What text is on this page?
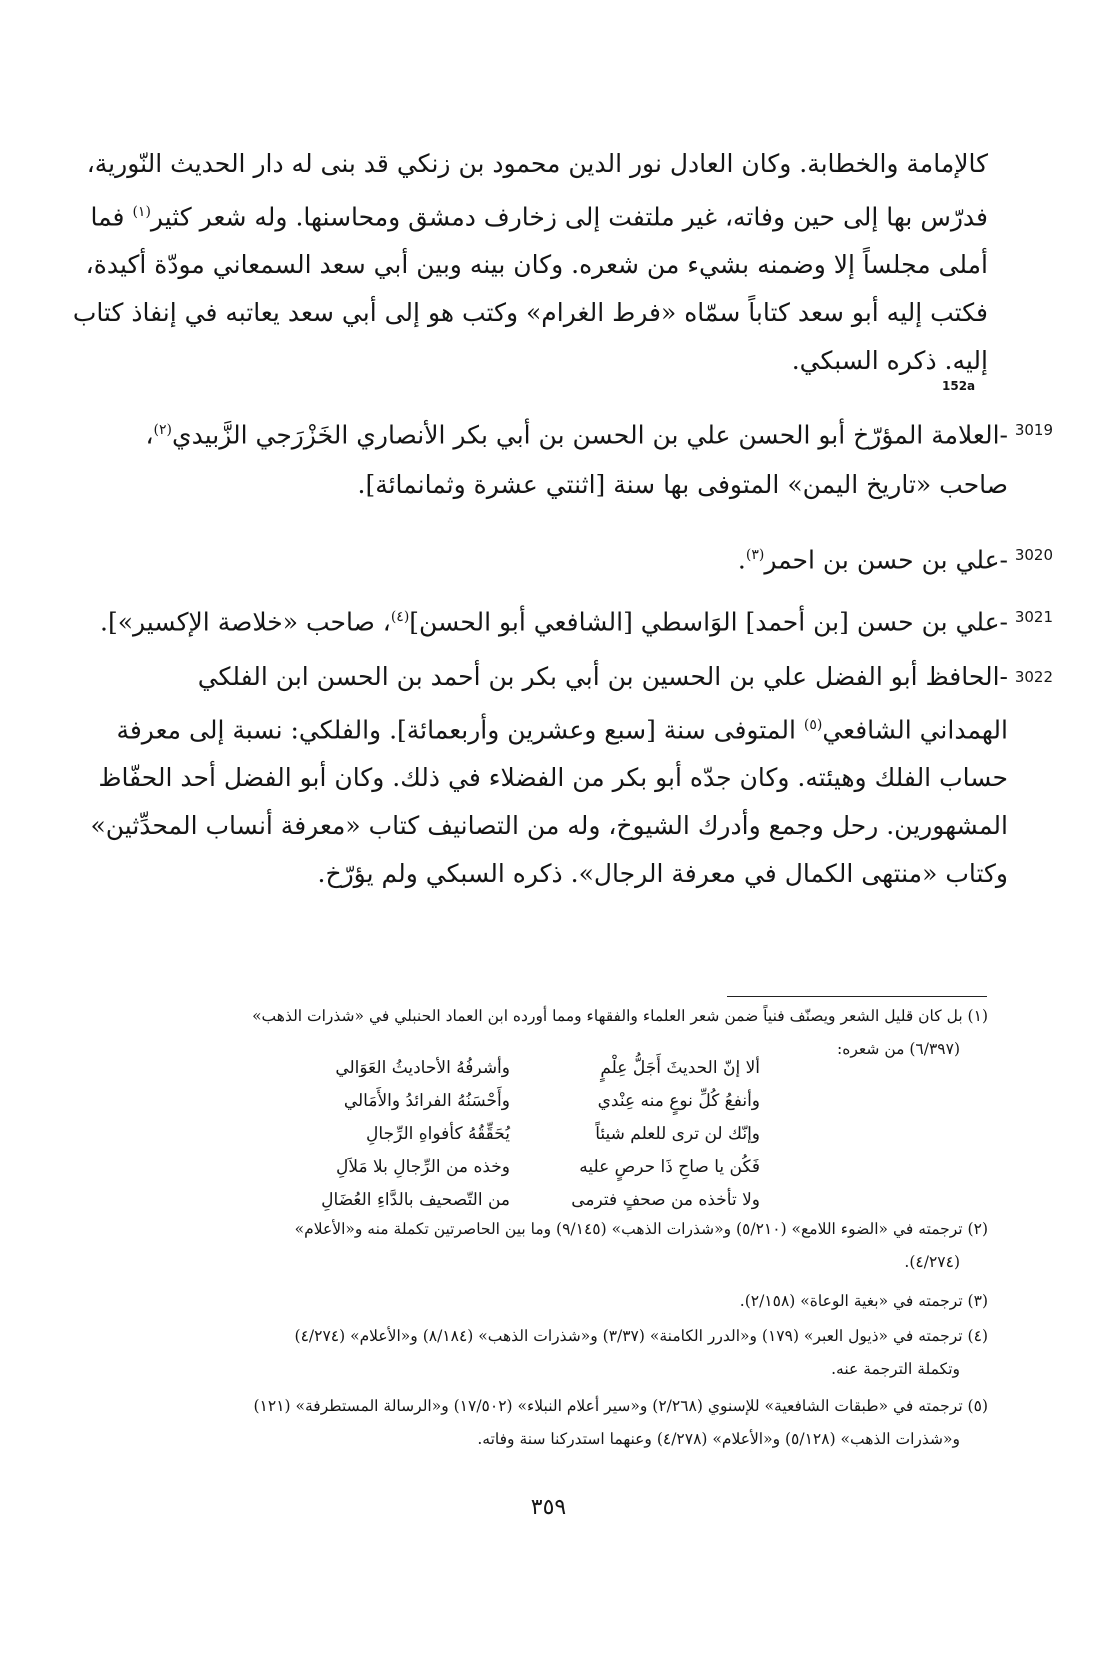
كالإمامة والخطابة. وكان العادل نور الدين محمود بن زنكي قد بنى له دار الحديث النّورية،
فدرّس بها إلى حين وفاته، غير ملتفت إلى زخارف دمشق ومحاسنها. وله شعر كثير$^{(١)}$ فما
أملى مجلساً إلا وضمنه بشيء من شعره. وكان بينه وبين أبي سعد السمعاني مودّة أكيدة،
فكتب إليه أبو سعد كتاباً سمّاه «فرط الغرام» وكتب هو إلى أبي سعد يعاتبه في إنفاذ كتاب
إليه. ذكره السبكي.
152a
3019
-العلامة المؤرّخ أبو الحسن علي بن الحسن بن أبي بكر الأنصاري الخَزْرَجي الزَّبيدي$^{(٢)}$،
صاحب «تاريخ اليمن» المتوفى بها سنة [اثنتي عشرة وثمانمائة].
3020
-علي بن حسن بن احمر$^{(٣)}$.
3021
-علي بن حسن [بن أحمد] الوَاسطي [الشافعي أبو الحسن]$^{(٤)}$، صاحب «خلاصة الإكسير»].
3022
-الحافظ أبو الفضل علي بن الحسين بن أبي بكر بن أحمد بن الحسن ابن الفلكي
الهمداني الشافعي$^{(٥)}$ المتوفى سنة [سبع وعشرين وأربعمائة]. والفلكي: نسبة إلى معرفة
حساب الفلك وهيئته. وكان جدّه أبو بكر من الفضلاء في ذلك. وكان أبو الفضل أحد الحفّاظ
المشهورين. رحل وجمع وأدرك الشيوخ، وله من التصانيف كتاب «معرفة أنساب المحدِّثين»
وكتاب «منتهى الكمال في معرفة الرجال». ذكره السبكي ولم يؤرّخ.
(١) بل كان قليل الشعر ويصنّف فنياً ضمن شعر العلماء والفقهاء ومما أورده ابن العماد الحنبلي في «شذرات الذهب»
(٦/٣٩٧) من شعره:
ألا إنّ الحديثَ أَجَلُّ عِلْمٍ
وأشرفُهُ الأحاديثُ العَوَالي
وأنفعُ كُلِّ نوعٍ منه عِنْدي
وأَحْسَنُهُ الفرائدُ والأَمَالي
وإنّك لن ترى للعلم شيئاً
يُحَقِّقُهُ كأفواهِ الرِّجالِ
فَكُن يا صاحِ ذَا حرصٍ عليه
وخذه من الرِّجالِ بلا مَلاَلِ
ولا تأخذه من صحفٍ فترمى
من التّصحيف بالدَّاءِ العُضَالِ
(٢) ترجمته في «الضوء اللامع» (٥/٢١٠) و«شذرات الذهب» (٩/١٤٥) وما بين الحاصرتين تكملة منه و«الأعلام»
(٤/٢٧٤).
(٣) ترجمته في «بغية الوعاة» (٢/١٥٨).
(٤) ترجمته في «ذيول العبر» (١٧٩) و«الدرر الكامنة» (٣/٣٧) و«شذرات الذهب» (٨/١٨٤) و«الأعلام» (٤/٢٧٤)
وتكملة الترجمة عنه.
(٥) ترجمته في «طبقات الشافعية» للإسنوي (٢/٢٦٨) و«سير أعلام النبلاء» (١٧/٥٠٢) و«الرسالة المستطرفة» (١٢١)
و«شذرات الذهب» (٥/١٢٨) و«الأعلام» (٤/٢٧٨) وعنهما استدركنا سنة وفاته.
٣٥٩
